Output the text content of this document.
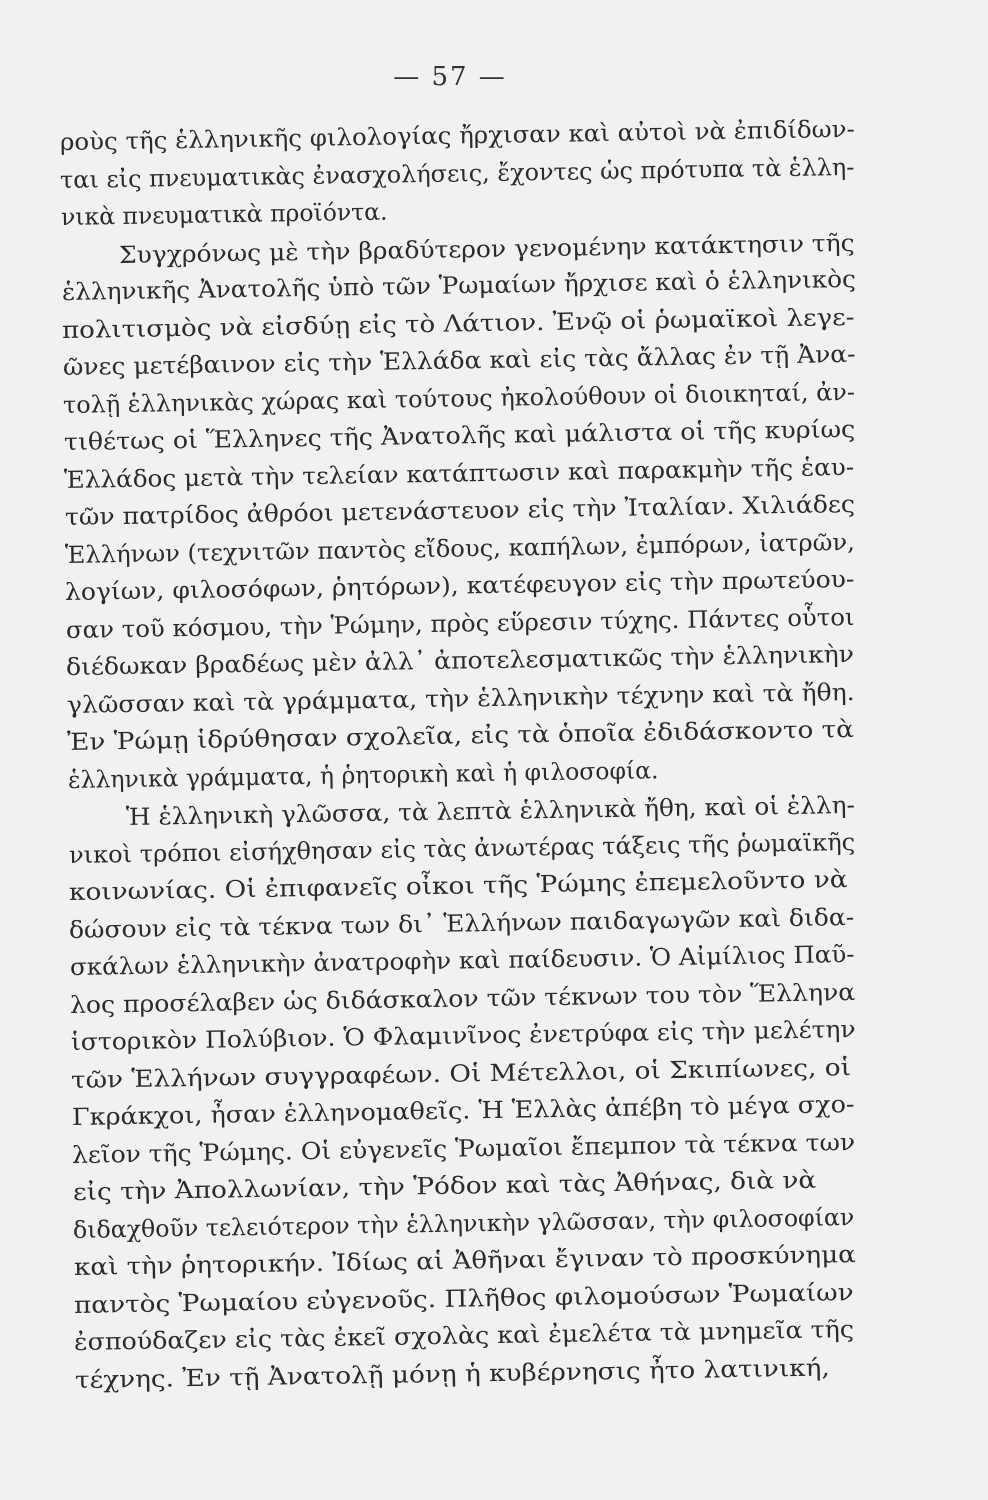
— 57 —
ροὺς τῆς ἑλληνικῆς φιλολογίας ἤρχισαν καὶ αὐτοὶ νὰ ἐπιδίδων-
ται εἰς πνευματικὰς ἐνασχολήσεις, ἔχοντες ὡς πρότυπα τὰ ἑλλη-
νικὰ πνευματικὰ προϊόντα.
Συγχρόνως μὲ τὴν βραδύτερον γενομένην κατάκτησιν τῆς
ἑλληνικῆς Ἀνατολῆς ὑπὸ τῶν Ῥωμαίων ἤρχισε καὶ ὁ ἑλληνικὸς
πολιτισμὸς νὰ εἰσδύῃ εἰς τὸ Λάτιον. Ἐνῷ οἱ ῥωμαϊκοὶ λεγε-
ῶνες μετέβαινον εἰς τὴν Ἑλλάδα καὶ εἰς τὰς ἄλλας ἐν τῇ Ἀνα-
τολῇ ἑλληνικὰς χώρας καὶ τούτους ἠκολούθουν οἱ διοικηταί, ἀν-
τιθέτως οἱ Ἕλληνες τῆς Ἀνατολῆς καὶ μάλιστα οἱ τῆς κυρίως
Ἑλλάδος μετὰ τὴν τελείαν κατάπτωσιν καὶ παρακμὴν τῆς ἑαυ-
τῶν πατρίδος ἀθρόοι μετενάστευον εἰς τὴν Ἰταλίαν. Χιλιάδες
Ἑλλήνων (τεχνιτῶν παντὸς εἴδους, καπήλων, ἐμπόρων, ἰατρῶν,
λογίων, φιλοσόφων, ῥητόρων), κατέφευγον εἰς τὴν πρωτεύου-
σαν τοῦ κόσμου, τὴν Ῥώμην, πρὸς εὕρεσιν τύχης. Πάντες οὗτοι
διέδωκαν βραδέως μὲν ἀλλ᾿ ἀποτελεσματικῶς τὴν ἑλληνικὴν
γλῶσσαν καὶ τὰ γράμματα, τὴν ἑλληνικὴν τέχνην καὶ τὰ ἤθη.
Ἐν Ῥώμῃ ἱδρύθησαν σχολεῖα, εἰς τὰ ὁποῖα ἐδιδάσκοντο τὰ
ἑλληνικὰ γράμματα, ἡ ῥητορικὴ καὶ ἡ φιλοσοφία.
Ἡ ἑλληνικὴ γλῶσσα, τὰ λεπτὰ ἑλληνικὰ ἤθη, καὶ οἱ ἑλλη-
νικοὶ τρόποι εἰσήχθησαν εἰς τὰς ἀνωτέρας τάξεις τῆς ῥωμαϊκῆς
κοινωνίας. Οἱ ἐπιφανεῖς οἶκοι τῆς Ῥώμης ἐπεμελοῦντο νὰ
δώσουν εἰς τὰ τέκνα των δι᾿ Ἑλλήνων παιδαγωγῶν καὶ διδα-
σκάλων ἑλληνικὴν ἀνατροφὴν καὶ παίδευσιν. Ὁ Αἰμίλιος Παῦ-
λος προσέλαβεν ὡς διδάσκαλον τῶν τέκνων του τὸν Ἕλληνα
ἱστορικὸν Πολύβιον. Ὁ Φλαμινῖνος ἐνετρύφα εἰς τὴν μελέτην
τῶν Ἑλλήνων συγγραφέων. Οἱ Μέτελλοι, οἱ Σκιπίωνες, οἱ
Γκράκχοι, ἦσαν ἑλληνομαθεῖς. Ἡ Ἑλλὰς ἀπέβη τὸ μέγα σχο-
λεῖον τῆς Ῥώμης. Οἱ εὐγενεῖς Ῥωμαῖοι ἔπεμπον τὰ τέκνα των
εἰς τὴν Ἀπολλωνίαν, τὴν Ῥόδον καὶ τὰς Ἀθήνας, διὰ νὰ
διδαχθοῦν τελειότερον τὴν ἑλληνικὴν γλῶσσαν, τὴν φιλοσοφίαν
καὶ τὴν ῥητορικήν. Ἰδίως αἱ Ἀθῆναι ἔγιναν τὸ προσκύνημα
παντὸς Ῥωμαίου εὐγενοῦς. Πλῆθος φιλομούσων Ῥωμαίων
ἐσπούδαζεν εἰς τὰς ἐκεῖ σχολὰς καὶ ἐμελέτα τὰ μνημεῖα τῆς
τέχνης. Ἐν τῇ Ἀνατολῇ μόνῃ ἡ κυβέρνησις ἦτο λατινική,
